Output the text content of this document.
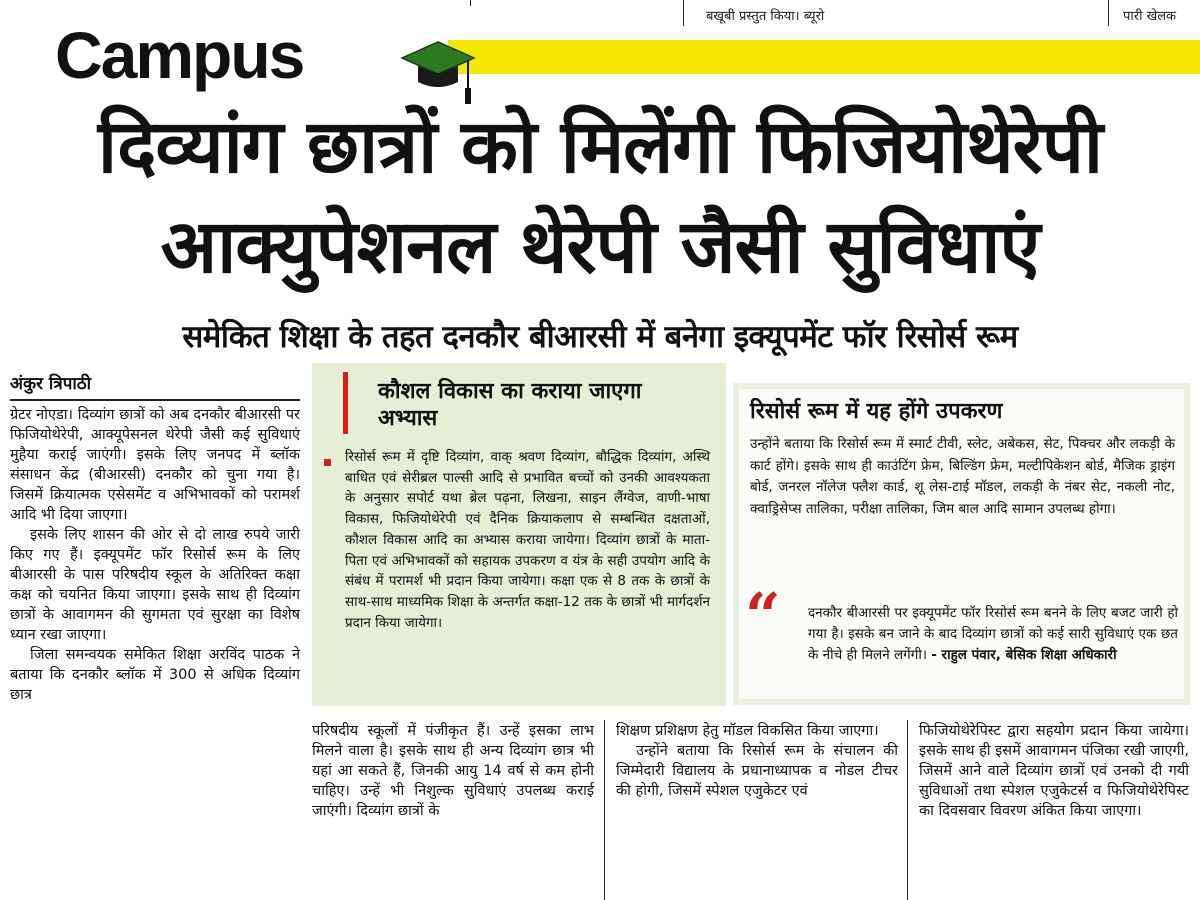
बखूबी प्रस्तुत किया। ब्यूरो	पारी खेलक
Campus
दिव्यांग छात्रों को मिलेंगी फिजियोथेरेपी
आक्युपेशनल थेरेपी जैसी सुविधाएं
समेकित शिक्षा के तहत दनकौर बीआरसी में बनेगा इक्यूपमेंट फॉर रिसोर्स रूम
अंकुर त्रिपाठी

ग्रेटर नोएडा। दिव्यांग छात्रों को अब दनकौर बीआरसी पर फिजियोथेरेपी, आक्यूपेसनल थेरेपी जैसी कई सुविधाएं मुहैया कराई जाएंगी। इसके लिए जनपद में ब्लॉक संसाधन केंद्र (बीआरसी) दनकौर को चुना गया है। जिसमें क्रियात्मक एसेसमेंट व अभिभावकों को परामर्श आदि भी दिया जाएगा।

इसके लिए शासन की ओर से दो लाख रुपये जारी किए गए हैं। इक्यूपमेंट फॉर रिसोर्स रूम के लिए बीआरसी के पास परिषदीय स्कूल के अतिरिक्त कक्षा कक्ष को चयनित किया जाएगा। इसके साथ ही दिव्यांग छात्रों के आवागमन की सुगमता एवं सुरक्षा का विशेष ध्यान रखा जाएगा।

जिला समन्वयक समेकित शिक्षा अरविंद पाठक ने बताया कि दनकौर ब्लॉक में 300 से अधिक दिव्यांग छात्र

कौशल विकास का कराया जाएगा अभ्यास
रिसोर्स रूम में दृष्टि दिव्यांग, वाक् श्रवण दिव्यांग, बौद्धिक दिव्यांग, अस्थि बाधित एवं सेरीब्रल पाल्सी आदि से प्रभावित बच्चों को उनकी आवश्यकता के अनुसार सपोर्ट यथा ब्रेल पढ़ना, लिखना, साइन लैंग्वेज, वाणी-भाषा विकास, फिजियोथेरेपी एवं दैनिक क्रियाकलाप से सम्बन्धित दक्षताओं, कौशल विकास आदि का अभ्यास कराया जायेगा। दिव्यांग छात्रों के माता-पिता एवं अभिभावकों को सहायक उपकरण व यंत्र के सही उपयोग आदि के संबंध में परामर्श भी प्रदान किया जायेगा। कक्षा एक से 8 तक के छात्रों के साथ-साथ माध्यमिक शिक्षा के अन्तर्गत कक्षा-12 तक के छात्रों भी मार्गदर्शन प्रदान किया जायेगा।
रिसोर्स रूम में यह होंगे उपकरण
उन्होंने बताया कि रिसोर्स रूम में स्मार्ट टीवी, स्लेट, अबेकस, सेट, पिक्चर और लकड़ी के कार्ट होंगे। इसके साथ ही काउंटिंग फ्रेम, बिल्डिंग फ्रेम, मल्टीपिकेशन बोर्ड, मैजिक ड्राइंग बोर्ड, जनरल नॉलेज फ्लैश कार्ड, शू लेस-टाई मॉडल, लकड़ी के नंबर सेट, नकली नोट, क्वाड्रिसेप्स तालिका, परीक्षा तालिका, जिम बाल आदि सामान उपलब्ध होगा।
“ दनकौर बीआरसी पर इक्यूपमेंट फॉर रिसोर्स रूम बनने के लिए बजट जारी हो गया है। इसके बन जाने के बाद दिव्यांग छात्रों को कई सारी सुविधाएं एक छत के नीचे ही मिलने लगेंगी। - राहुल पंवार, बेसिक शिक्षा अधिकारी

परिषदीय स्कूलों में पंजीकृत हैं। उन्हें इसका लाभ मिलने वाला है। इसके साथ ही अन्य दिव्यांग छात्र भी यहां आ सकते हैं, जिनकी आयु 14 वर्ष से कम होनी चाहिए। उन्हें भी निशुल्क सुविधाएं उपलब्ध कराई जाएंगी। दिव्यांग छात्रों के

शिक्षण प्रशिक्षण हेतु मॉडल विकसित किया जाएगा।

उन्होंने बताया कि रिसोर्स रूम के संचालन की जिम्मेदारी विद्यालय के प्रधानाध्यापक व नोडल टीचर की होगी, जिसमें स्पेशल एजुकेटर एवं

फिजियोथेरेपिस्ट द्वारा सहयोग प्रदान किया जायेगा। इसके साथ ही इसमें आवागमन पंजिका रखी जाएगी, जिसमें आने वाले दिव्यांग छात्रों एवं उनको दी गयी सुविधाओं तथा स्पेशल एजुकेटर्स व फिजियोथेरेपिस्ट का दिवसवार विवरण अंकित किया जाएगा।
